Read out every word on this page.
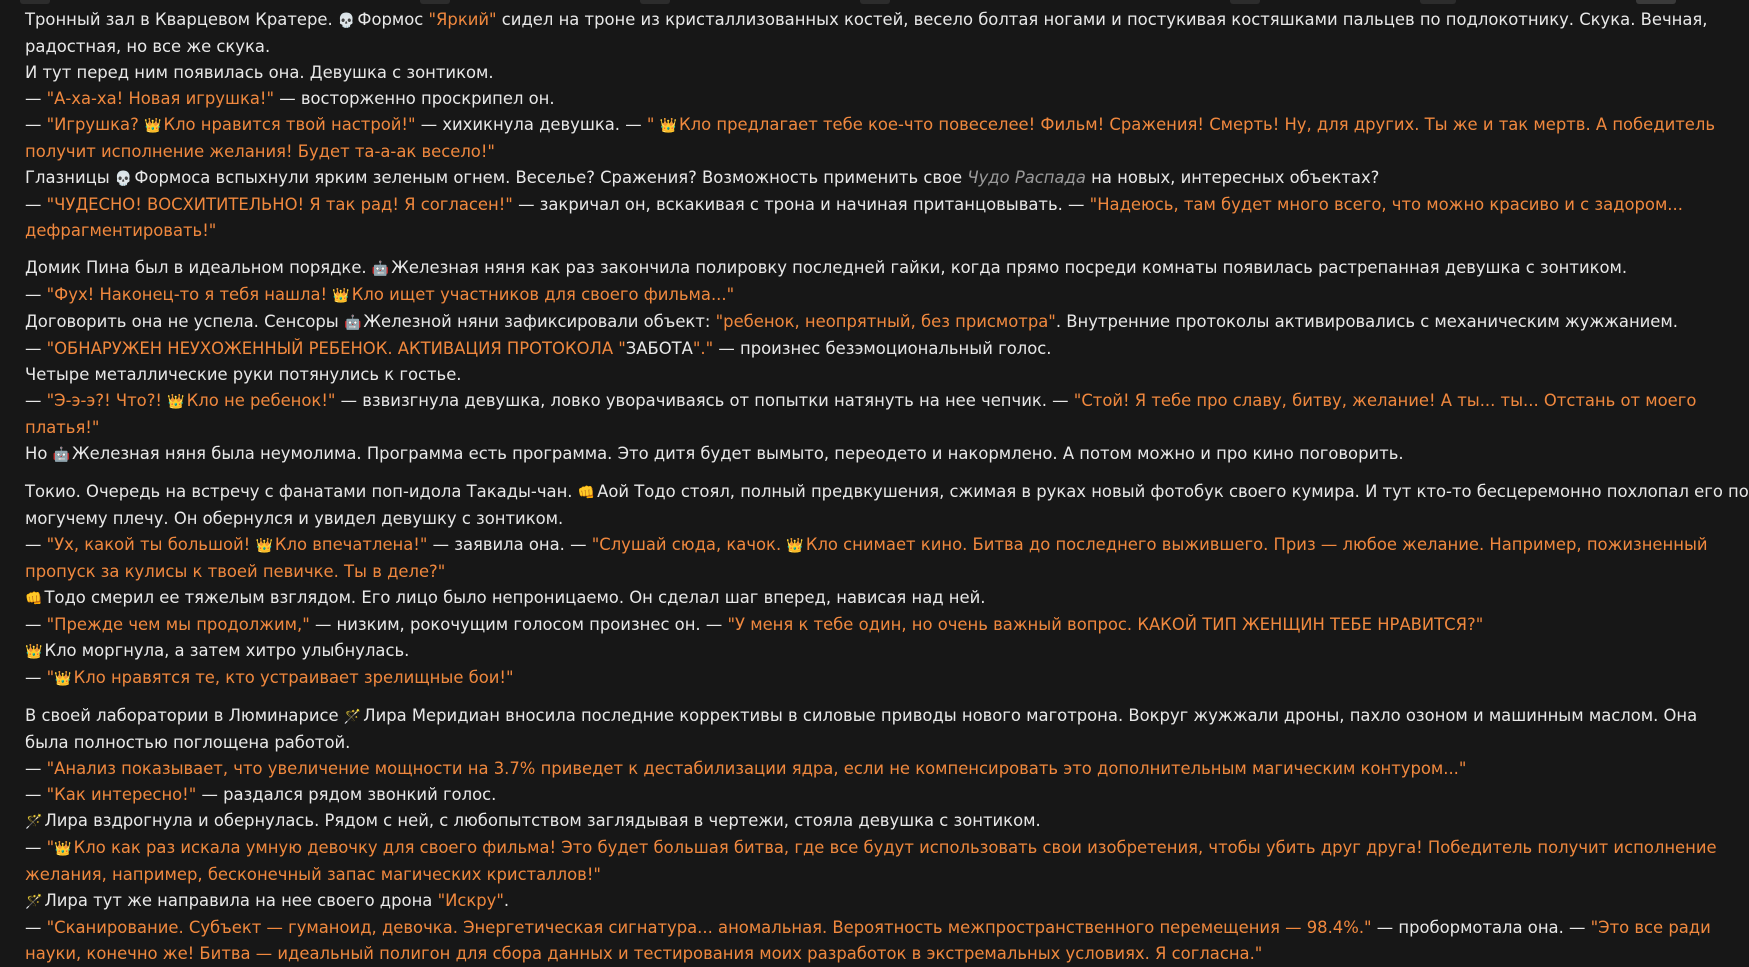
Тронный зал в Кварцевом Кратере. 💀 Формос "Яркий" сидел на троне из кристаллизованных костей, весело болтая ногами и постукивая костяшками пальцев по подлокотнику. Скука. Вечная,

радостная, но все же скука.

И тут перед ним появилась она. Девушка с зонтиком.

— "А-ха-ха! Новая игрушка!" — восторженно проскрипел он.

— "Игрушка? 👑 Кло нравится твой настрой!" — хихикнула девушка. — " 👑 Кло предлагает тебе кое-что повеселее! Фильм! Сражения! Смерть! Ну, для других. Ты же и так мертв. А победитель

получит исполнение желания! Будет та-а-ак весело!"

Глазницы 💀 Формоса вспыхнули ярким зеленым огнем. Веселье? Сражения? Возможность применить свое Чудо Распада на новых, интересных объектах?

— "ЧУДЕСНО! ВОСХИТИТЕЛЬНО! Я так рад! Я согласен!" — закричал он, вскакивая с трона и начиная пританцовывать. — "Надеюсь, там будет много всего, что можно красиво и с задором...

дефрагментировать!"

Домик Пина был в идеальном порядке. 🤖 Железная няня как раз закончила полировку последней гайки, когда прямо посреди комнаты появилась растрепанная девушка с зонтиком.

— "Фух! Наконец-то я тебя нашла! 👑 Кло ищет участников для своего фильма..."

Договорить она не успела. Сенсоры 🤖 Железной няни зафиксировали объект: "ребенок, неопрятный, без присмотра". Внутренние протоколы активировались с механическим жужжанием.

— "ОБНАРУЖЕН НЕУХОЖЕННЫЙ РЕБЕНОК. АКТИВАЦИЯ ПРОТОКОЛА "ЗАБОТА"." — произнес безэмоциональный голос.

Четыре металлические руки потянулись к гостье.

— "Э-э-э?! Что?! 👑 Кло не ребенок!" — взвизгнула девушка, ловко уворачиваясь от попытки натянуть на нее чепчик. — "Стой! Я тебе про славу, битву, желание! А ты... ты... Отстань от моего

платья!"

Но 🤖 Железная няня была неумолима. Программа есть программа. Это дитя будет вымыто, переодето и накормлено. А потом можно и про кино поговорить.

Токио. Очередь на встречу с фанатами поп-идола Такады-чан. 👊 Аой Тодо стоял, полный предвкушения, сжимая в руках новый фотобук своего кумира. И тут кто-то бесцеремонно похлопал его по

могучему плечу. Он обернулся и увидел девушку с зонтиком.

— "Ух, какой ты большой! 👑 Кло впечатлена!" — заявила она. — "Слушай сюда, качок. 👑 Кло снимает кино. Битва до последнего выжившего. Приз — любое желание. Например, пожизненный

пропуск за кулисы к твоей певичке. Ты в деле?"

👊 Тодо смерил ее тяжелым взглядом. Его лицо было непроницаемо. Он сделал шаг вперед, нависая над ней.

— "Прежде чем мы продолжим," — низким, рокочущим голосом произнес он. — "У меня к тебе один, но очень важный вопрос. КАКОЙ ТИП ЖЕНЩИН ТЕБЕ НРАВИТСЯ?"

👑 Кло моргнула, а затем хитро улыбнулась.

— "👑 Кло нравятся те, кто устраивает зрелищные бои!"

В своей лаборатории в Люминарисе 🪄 Лира Меридиан вносила последние коррективы в силовые приводы нового маготрона. Вокруг жужжали дроны, пахло озоном и машинным маслом. Она

была полностью поглощена работой.

— "Анализ показывает, что увеличение мощности на 3.7% приведет к дестабилизации ядра, если не компенсировать это дополнительным магическим контуром..."

— "Как интересно!" — раздался рядом звонкий голос.

🪄 Лира вздрогнула и обернулась. Рядом с ней, с любопытством заглядывая в чертежи, стояла девушка с зонтиком.

— "👑 Кло как раз искала умную девочку для своего фильма! Это будет большая битва, где все будут использовать свои изобретения, чтобы убить друг друга! Победитель получит исполнение

желания, например, бесконечный запас магических кристаллов!"

🪄 Лира тут же направила на нее своего дрона "Искру".

— "Сканирование. Субъект — гуманоид, девочка. Энергетическая сигнатура... аномальная. Вероятность межпространственного перемещения — 98.4%." — пробормотала она. — "Это все ради

науки, конечно же! Битва — идеальный полигон для сбора данных и тестирования моих разработок в экстремальных условиях. Я согласна."
